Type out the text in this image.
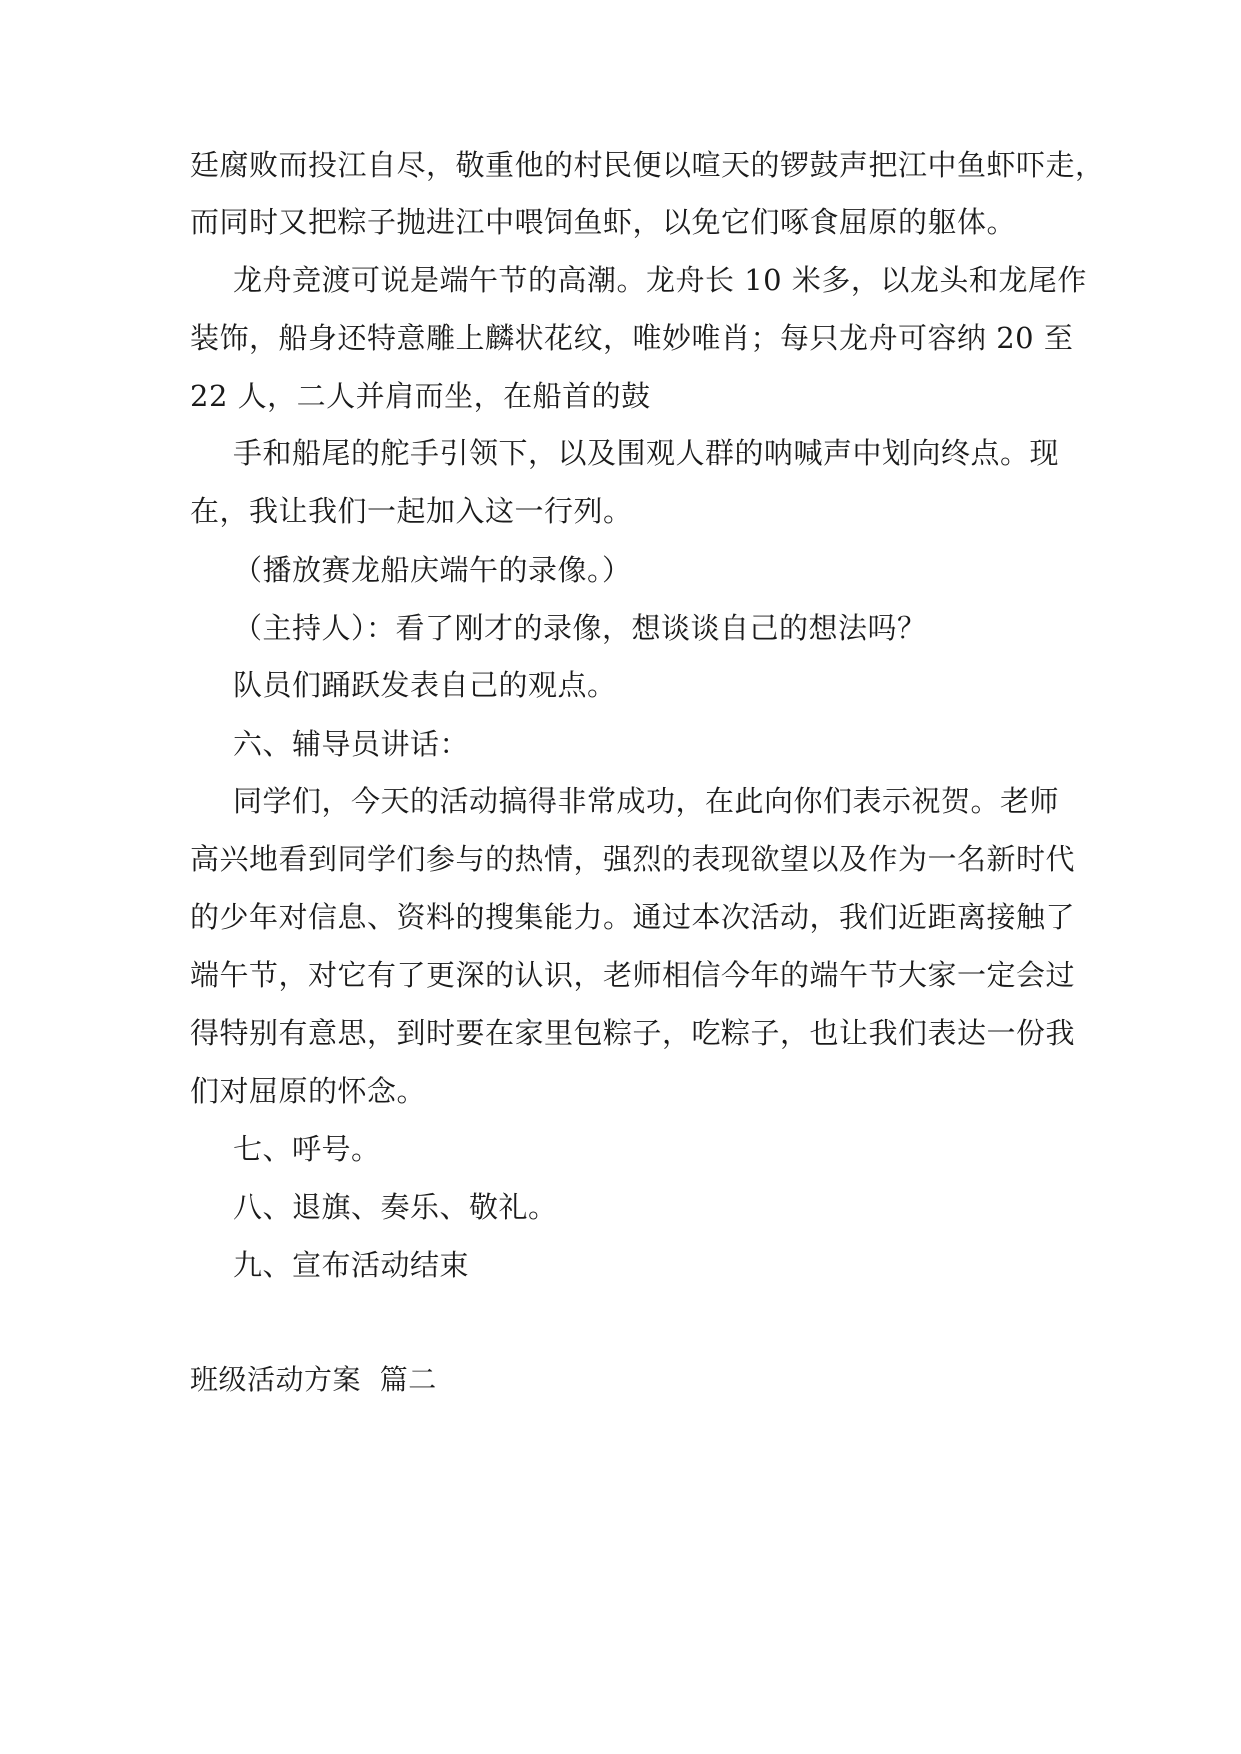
廷腐败而投江自尽，敬重他的村民便以喧天的锣鼓声把江中鱼虾吓走，
而同时又把粽子抛进江中喂饲鱼虾，以免它们啄食屈原的躯体。
龙舟竞渡可说是端午节的高潮。龙舟长 10 米多，以龙头和龙尾作
装饰，船身还特意雕上麟状花纹，唯妙唯肖；每只龙舟可容纳 20 至
22 人，二人并肩而坐，在船首的鼓
手和船尾的舵手引领下，以及围观人群的呐喊声中划向终点。现
在，我让我们一起加入这一行列。
（播放赛龙船庆端午的录像。）
（主持人）：看了刚才的录像，想谈谈自己的想法吗？
队员们踊跃发表自己的观点。
六、辅导员讲话：
同学们，今天的活动搞得非常成功，在此向你们表示祝贺。老师
高兴地看到同学们参与的热情，强烈的表现欲望以及作为一名新时代
的少年对信息、资料的搜集能力。通过本次活动，我们近距离接触了
端午节，对它有了更深的认识，老师相信今年的端午节大家一定会过
得特别有意思，到时要在家里包粽子，吃粽子，也让我们表达一份我
们对屈原的怀念。
七、呼号。
八、退旗、奏乐、敬礼。
九、宣布活动结束
班级活动方案  篇二
